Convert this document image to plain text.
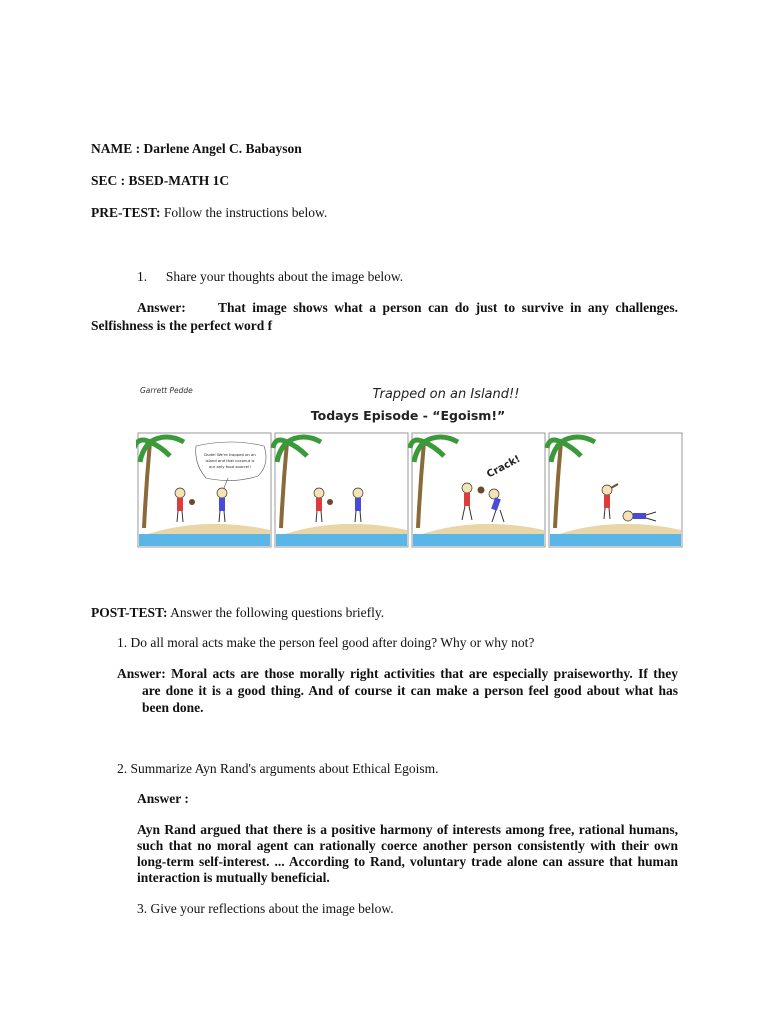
NAME : Darlene Angel C. Babayson
SEC : BSED-MATH 1C
PRE-TEST: Follow the instructions below.
1. Share your thoughts about the image below.
Answer: That image shows what a person can do just to survive in any challenges.
Selfishness is the perfect word f
Garrett Pedde	Trapped on an Island!!
Todays Episode - “Egoism!”
Dude! We're trapped on an
island and that coconut is
our only food source!!	Crack!
POST-TEST: Answer the following questions briefly.
1. Do all moral acts make the person feel good after doing? Why or why not?
Answer: Moral acts are those morally right activities that are especially praiseworthy. If they
are done it is a good thing. And of course it can make a person feel good about what has
been done.
2. Summarize Ayn Rand's arguments about Ethical Egoism.
Answer :
Ayn Rand argued that there is a positive harmony of interests among free, rational humans,
such that no moral agent can rationally coerce another person consistently with their own
long-term self-interest. ... According to Rand, voluntary trade alone can assure that human
interaction is mutually beneficial.
3. Give your reflections about the image below.
